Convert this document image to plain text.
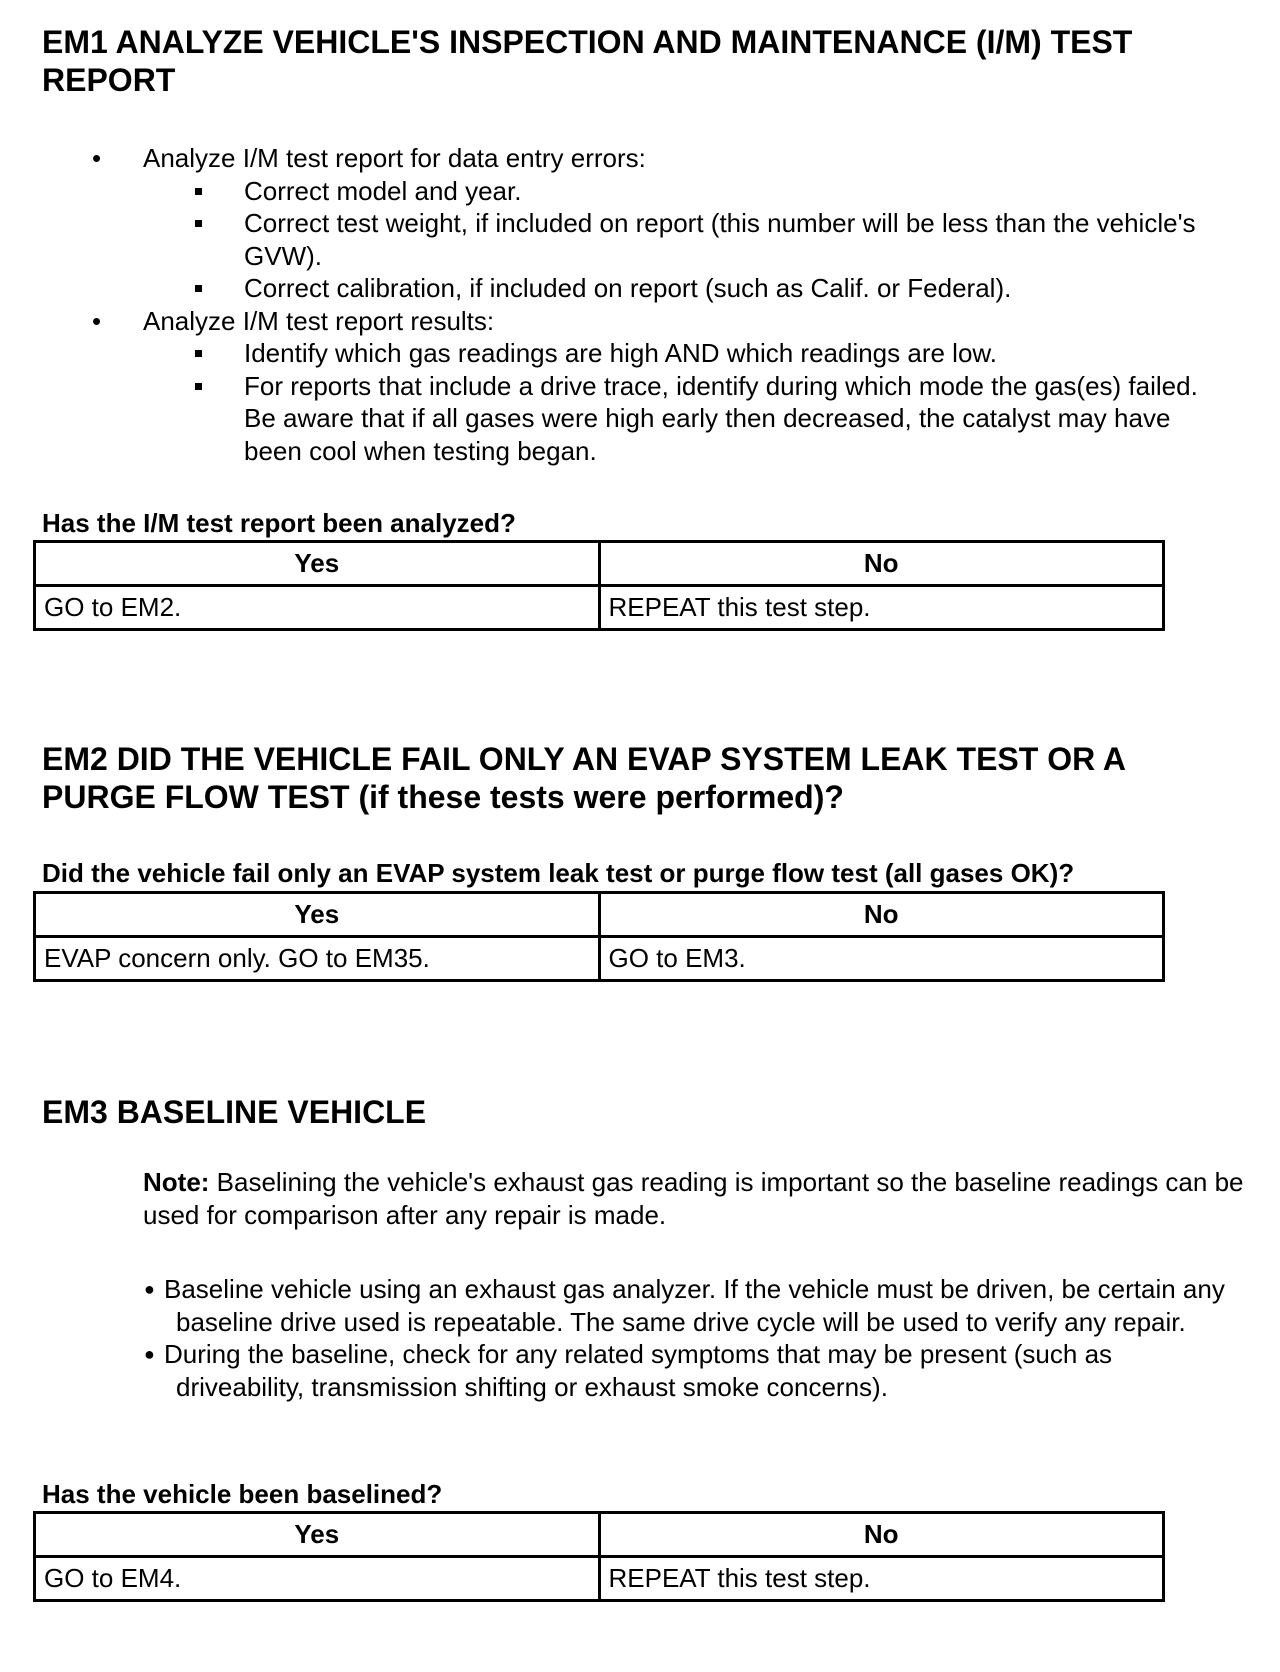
EM1 ANALYZE VEHICLE'S INSPECTION AND MAINTENANCE (I/M) TEST REPORT
• Analyze I/M test report for data entry errors:
Correct model and year.
Correct test weight, if included on report (this number will be less than the vehicle's GVW).
Correct calibration, if included on report (such as Calif. or Federal).
• Analyze I/M test report results:
Identify which gas readings are high AND which readings are low.
For reports that include a drive trace, identify during which mode the gas(es) failed. Be aware that if all gases were high early then decreased, the catalyst may have been cool when testing began.

Has the I/M test report been analyzed?

Yes	No
GO to EM2.	REPEAT this test step.
EM2 DID THE VEHICLE FAIL ONLY AN EVAP SYSTEM LEAK TEST OR A PURGE FLOW TEST (if these tests were performed)?

Did the vehicle fail only an EVAP system leak test or purge flow test (all gases OK)?

Yes	No
EVAP concern only. GO to EM35.	GO to EM3.
EM3 BASELINE VEHICLE

Note: Baselining the vehicle's exhaust gas reading is important so the baseline readings can be used for comparison after any repair is made.

● Baseline vehicle using an exhaust gas analyzer. If the vehicle must be driven, be certain any baseline drive used is repeatable. The same drive cycle will be used to verify any repair.
● During the baseline, check for any related symptoms that may be present (such as driveability, transmission shifting or exhaust smoke concerns).

Has the vehicle been baselined?

Yes	No
GO to EM4.	REPEAT this test step.
